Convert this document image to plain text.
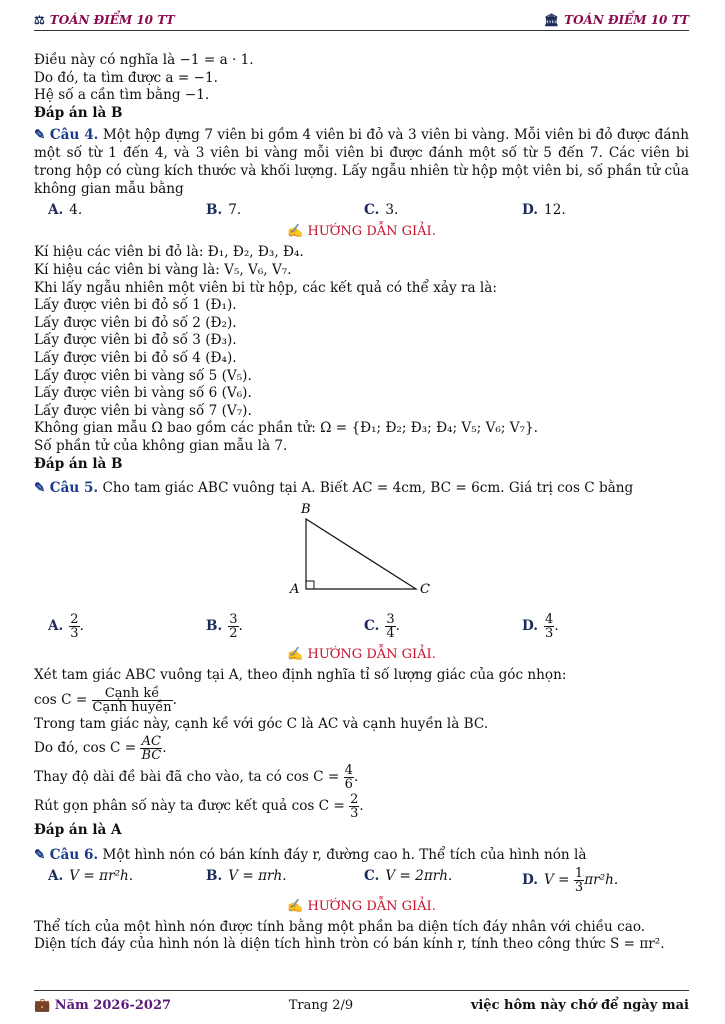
⚖ TOÁN ĐIỂM 10 TT	🏛 TOÁN ĐIỂM 10 TT
Điều này có nghĩa là −1 = a · 1.
Do đó, ta tìm được a = −1.
Hệ số a cần tìm bằng −1.
Đáp án là B
✎ Câu 4. Một hộp đựng 7 viên bi gồm 4 viên bi đỏ và 3 viên bi vàng. Mỗi viên bi đỏ được đánh một số từ 1 đến 4, và 3 viên bi vàng mỗi viên bi được đánh một số từ 5 đến 7. Các viên bi trong hộp có cùng kích thước và khối lượng. Lấy ngẫu nhiên từ hộp một viên bi, số phần tử của không gian mẫu bằng
A. 4.	B. 7.	C. 3.	D. 12.
✍ HƯỚNG DẪN GIẢI.
Kí hiệu các viên bi đỏ là: Đ₁, Đ₂, Đ₃, Đ₄.
Kí hiệu các viên bi vàng là: V₅, V₆, V₇.
Khi lấy ngẫu nhiên một viên bi từ hộp, các kết quả có thể xảy ra là:
Lấy được viên bi đỏ số 1 (Đ₁).
Lấy được viên bi đỏ số 2 (Đ₂).
Lấy được viên bi đỏ số 3 (Đ₃).
Lấy được viên bi đỏ số 4 (Đ₄).
Lấy được viên bi vàng số 5 (V₅).
Lấy được viên bi vàng số 6 (V₆).
Lấy được viên bi vàng số 7 (V₇).
Không gian mẫu Ω bao gồm các phần tử: Ω = {Đ₁; Đ₂; Đ₃; Đ₄; V₅; V₆; V₇}.
Số phần tử của không gian mẫu là 7.
Đáp án là B
✎ Câu 5. Cho tam giác ABC vuông tại A. Biết AC = 4cm, BC = 6cm. Giá trị cos C bằng
B
A	C
A. $\frac{2}{3}$ .	B. $\frac{3}{2}$ .	C. $\frac{3}{4}$ .	D. $\frac{4}{3}$ .
✍ HƯỚNG DẪN GIẢI.
Xét tam giác ABC vuông tại A, theo định nghĩa tỉ số lượng giác của góc nhọn:
$\cos C = \frac{\text{Cạnh kề}}{\text{Cạnh huyền}}$ .
Trong tam giác này, cạnh kề với góc C là AC và cạnh huyền là BC.
Do đó, $\cos C = \frac{AC}{BC}$ .
Thay độ dài đề bài đã cho vào, ta có $\cos C = \frac{4}{6}$ .
Rút gọn phân số này ta được kết quả $\cos C = \frac{2}{3}$ .
Đáp án là A
✎ Câu 6. Một hình nón có bán kính đáy r, đường cao h. Thể tích của hình nón là
A. V = πr²h.	B. V = πrh.	C. V = 2πrh.	D. $V = \frac{1}{3} \pi r^2h$.
✍ HƯỚNG DẪN GIẢI.
Thể tích của một hình nón được tính bằng một phần ba diện tích đáy nhân với chiều cao.
Diện tích đáy của hình nón là diện tích hình tròn có bán kính r, tính theo công thức S = πr².
💼 Năm 2026-2027	Trang 2/9	việc hôm này chớ để ngày mai
